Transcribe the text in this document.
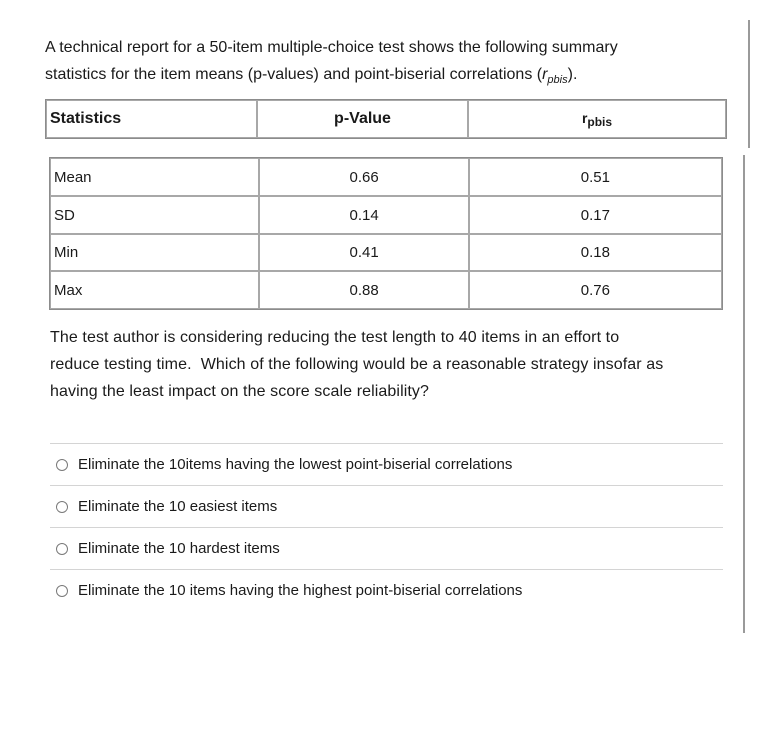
A technical report for a 50-item multiple-choice test shows the following summary

statistics for the item means (p-values) and point-biserial correlations $(r_{pbis})$.

Statistics	p-Value	$r_{pbis}$
Mean	0.66	0.51
SD	0.14	0.17
Min	0.41	0.18
Max	0.88	0.76

The test author is considering reducing the test length to 40 items in an effort to

reduce testing time.  Which of the following would be a reasonable strategy insofar as

having the least impact on the score scale reliability?

Eliminate the 10items having the lowest point-biserial correlations
Eliminate the 10 easiest items
Eliminate the 10 hardest items
Eliminate the 10 items having the highest point-biserial correlations
